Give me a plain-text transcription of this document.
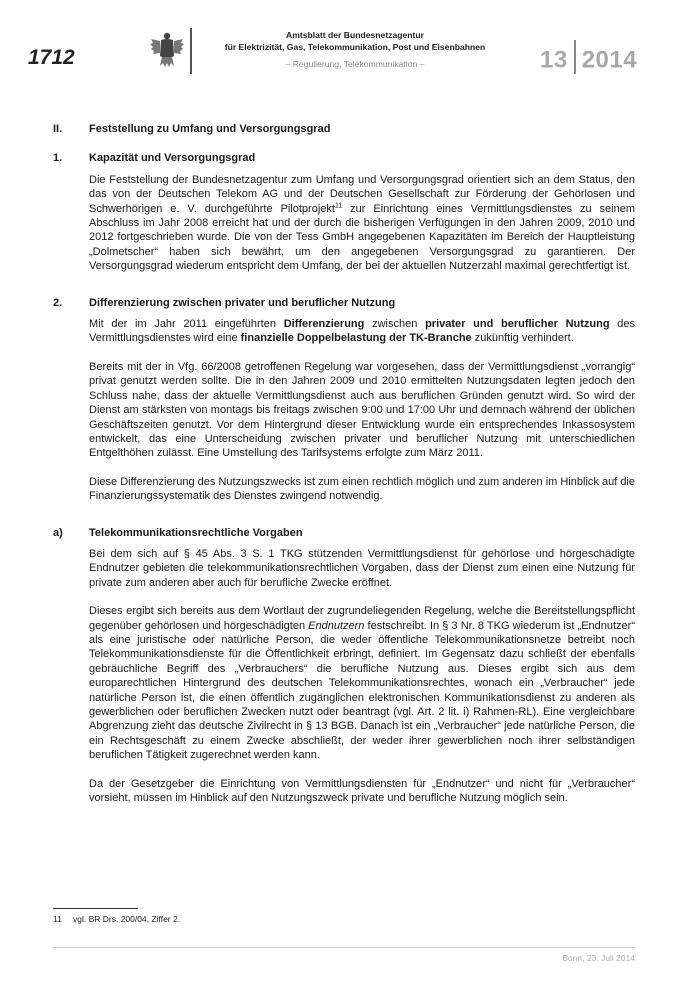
1712
Amtsblatt der Bundesnetzagentur
für Elektrizität, Gas, Telekommunikation, Post und Eisenbahnen
– Regulierung, Telekommunikation –	13 2014
II.	Feststellung zu Umfang und Versorgungsgrad
1.	Kapazität und Versorgungsgrad
Die Feststellung der Bundesnetzagentur zum Umfang und Versorgungsgrad orientiert sich an dem Status, den das von der Deutschen Telekom AG und der Deutschen Gesellschaft zur Förderung der Gehörlosen und Schwerhörigen e. V. durchgeführte Pilotprojekt$^{11}$ zur Einrichtung eines Vermittlungsdienstes zu seinem Abschluss im Jahr 2008 erreicht hat und der durch die bisherigen Verfügungen in den Jahren 2009, 2010 und 2012 fortgeschrieben wurde. Die von der Tess GmbH angegebenen Kapazitäten im Bereich der Hauptleistung „Dolmetscher“ haben sich bewährt, um den angegebenen Versorgungsgrad zu garantieren. Der Versorgungsgrad wiederum entspricht dem Umfang, der bei der aktuellen Nutzerzahl maximal gerechtfertigt ist.
2.	Differenzierung zwischen privater und beruflicher Nutzung
Mit der im Jahr 2011 eingeführten Differenzierung zwischen privater und beruflicher Nutzung des Vermittlungsdienstes wird eine finanzielle Doppelbelastung der TK-Branche zukünftig verhindert.
Bereits mit der in Vfg. 66/2008 getroffenen Regelung war vorgesehen, dass der Vermittlungsdienst „vorrangig“ privat genutzt werden sollte. Die in den Jahren 2009 und 2010 ermittelten Nutzungsdaten legten jedoch den Schluss nahe, dass der aktuelle Vermittlungsdienst auch aus beruflichen Gründen genutzt wird. So wird der Dienst am stärksten von montags bis freitags zwischen 9:00 und 17:00 Uhr und demnach während der üblichen Geschäftszeiten genutzt. Vor dem Hintergrund dieser Entwicklung wurde ein entsprechendes Inkassosystem entwickelt, das eine Unterscheidung zwischen privater und beruflicher Nutzung mit unterschiedlichen Entgelthöhen zulässt. Eine Umstellung des Tarifsystems erfolgte zum März 2011.
Diese Differenzierung des Nutzungszwecks ist zum einen rechtlich möglich und zum anderen im Hinblick auf die Finanzierungssystematik des Dienstes zwingend notwendig.
a)	Telekommunikationsrechtliche Vorgaben
Bei dem sich auf § 45 Abs. 3 S. 1 TKG stützenden Vermittlungsdienst für gehörlose und hörgeschädigte Endnutzer gebieten die telekommunikationsrechtlichen Vorgaben, dass der Dienst zum einen eine Nutzung für private zum anderen aber auch für berufliche Zwecke eröffnet.
Dieses ergibt sich bereits aus dem Wortlaut der zugrundeliegenden Regelung, welche die Bereitstellungspflicht gegenüber gehörlosen und hörgeschädigten Endnutzern festschreibt. In § 3 Nr. 8 TKG wiederum ist „Endnutzer“ als eine juristische oder natürliche Person, die weder öffentliche Telekommunikationsnetze betreibt noch Telekommunikationsdienste für die Öffentlichkeit erbringt, definiert. Im Gegensatz dazu schließt der ebenfalls gebräuchliche Begriff des „Verbrauchers“ die berufliche Nutzung aus. Dieses ergibt sich aus dem europarechtlichen Hintergrund des deutschen Telekommunikationsrechtes, wonach ein „Verbraucher“ jede natürliche Person ist, die einen öffentlich zugänglichen elektronischen Kommunikationsdienst zu anderen als gewerblichen oder beruflichen Zwecken nutzt oder beantragt (vgl. Art. 2 lit. i) Rahmen-RL). Eine vergleichbare Abgrenzung zieht das deutsche Zivilrecht in § 13 BGB. Danach ist ein „Verbraucher“ jede natürliche Person, die ein Rechtsgeschäft zu einem Zwecke abschließt, der weder ihrer gewerblichen noch ihrer selbständigen beruflichen Tätigkeit zugerechnet werden kann.
Da der Gesetzgeber die Einrichtung von Vermittlungsdiensten für „Endnutzer“ und nicht für „Verbraucher“ vorsieht, müssen im Hinblick auf den Nutzungszweck private und berufliche Nutzung möglich sein.
11 vgl. BR Drs. 200/04, Ziffer 2.
Bonn, 23. Juli 2014
